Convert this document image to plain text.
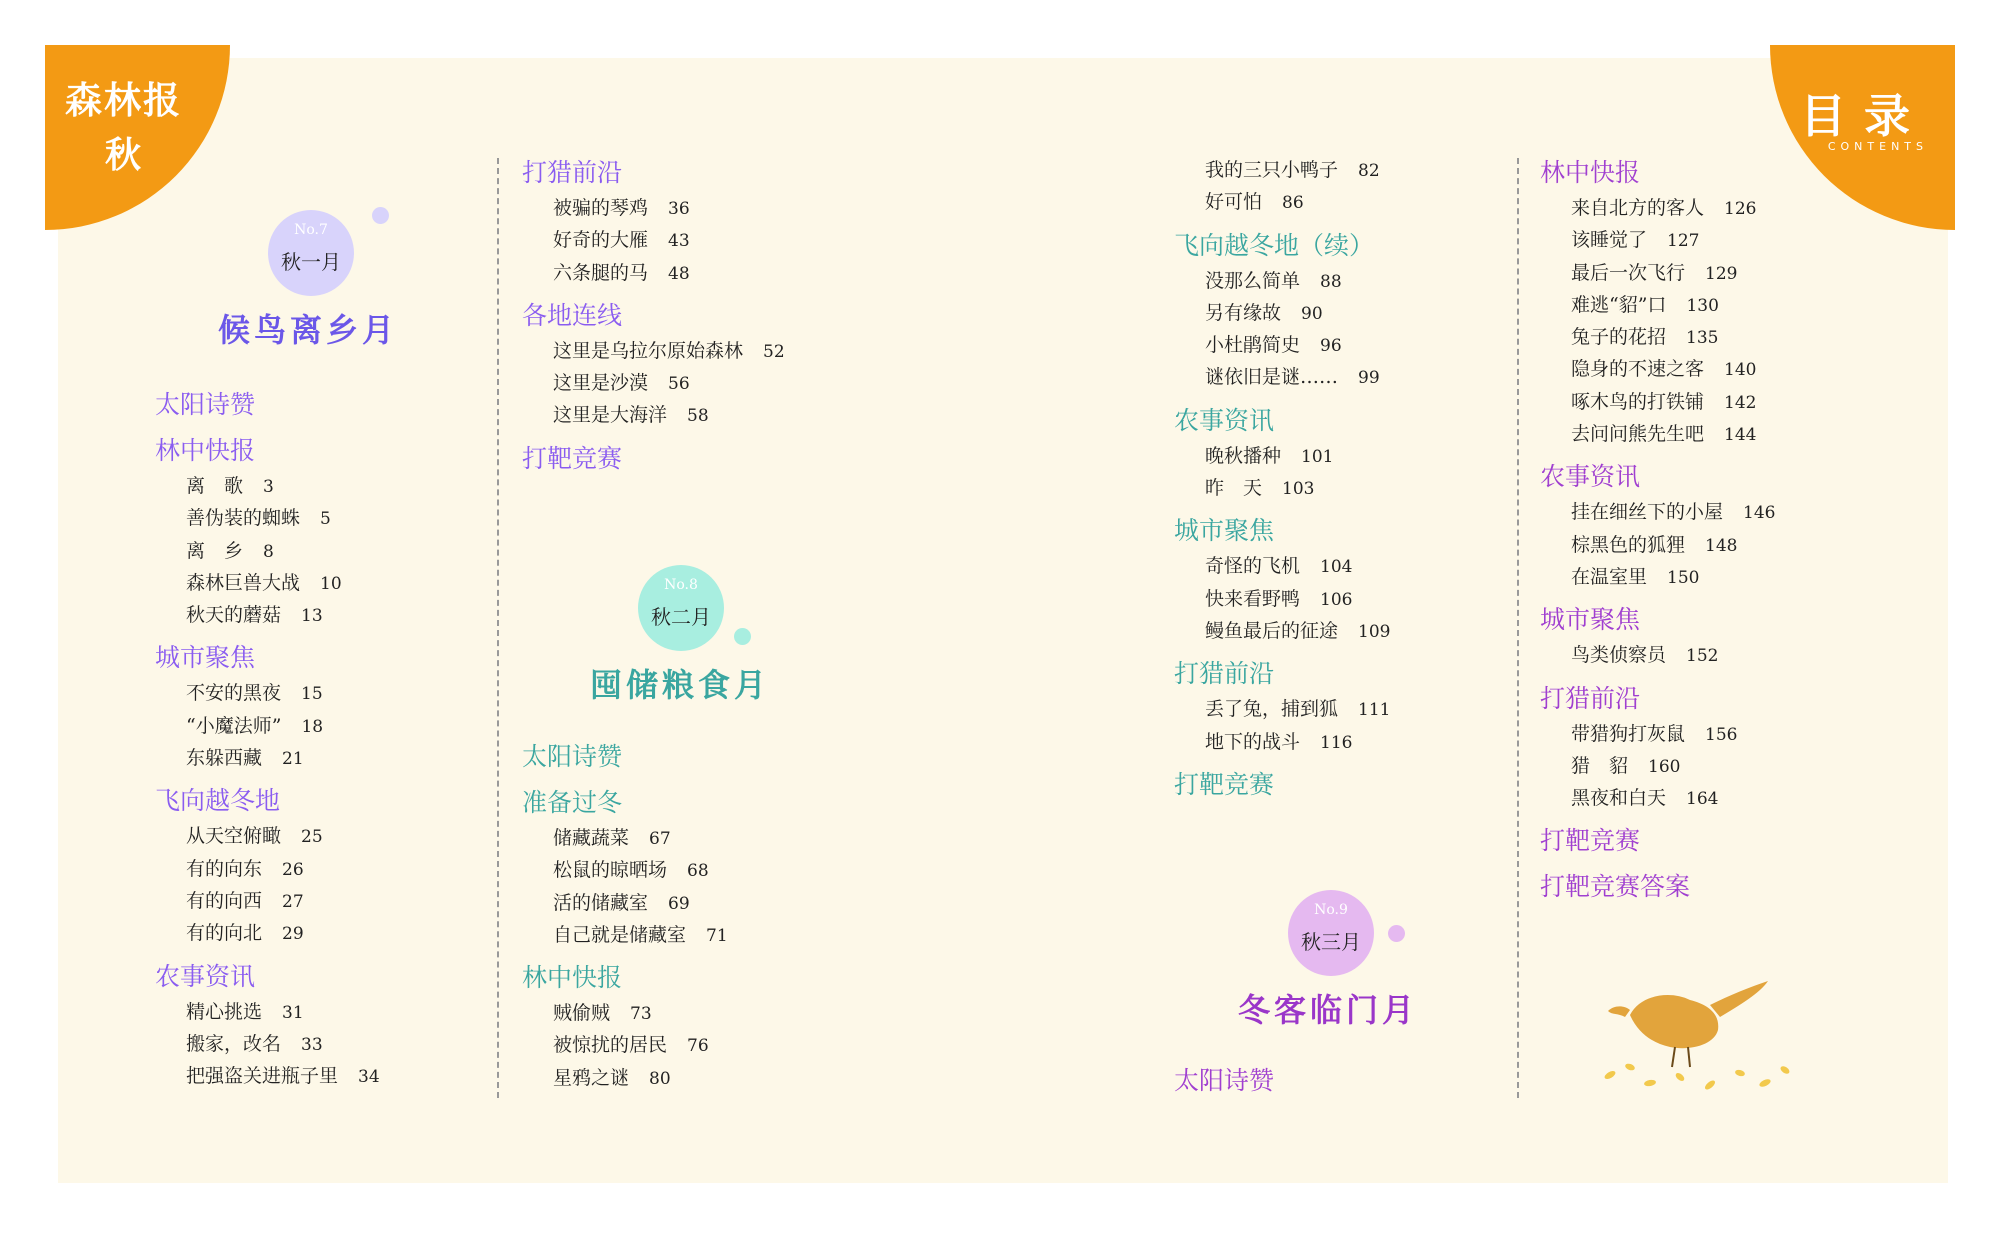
森林报
秋
目录
CONTENTS
No.7
秋一月
候鸟离乡月
No.8
秋二月
囤储粮食月
No.9
秋三月
冬客临门月
太阳诗赞
林中快报
离　歌 3
善伪装的蜘蛛 5
离　乡 8
森林巨兽大战 10
秋天的蘑菇 13
城市聚焦
不安的黑夜 15
“小魔法师” 18
东躲西藏 21
飞向越冬地
从天空俯瞰 25
有的向东 26
有的向西 27
有的向北 29
农事资讯
精心挑选 31
搬家，改名 33
把强盗关进瓶子里 34
打猎前沿
被骗的琴鸡 36
好奇的大雁 43
六条腿的马 48
各地连线
这里是乌拉尔原始森林 52
这里是沙漠 56
这里是大海洋 58
打靶竞赛
太阳诗赞
准备过冬
储藏蔬菜 67
松鼠的晾晒场 68
活的储藏室 69
自己就是储藏室 71
林中快报
贼偷贼 73
被惊扰的居民 76
星鸦之谜 80
我的三只小鸭子 82
好可怕 86
飞向越冬地（续）
没那么简单 88
另有缘故 90
小杜鹃简史 96
谜依旧是谜…… 99
农事资讯
晚秋播种 101
昨　天 103
城市聚焦
奇怪的飞机 104
快来看野鸭 106
鳗鱼最后的征途 109
打猎前沿
丢了兔，捕到狐 111
地下的战斗 116
打靶竞赛
太阳诗赞
林中快报
来自北方的客人 126
该睡觉了 127
最后一次飞行 129
难逃“貂”口 130
兔子的花招 135
隐身的不速之客 140
啄木鸟的打铁铺 142
去问问熊先生吧 144
农事资讯
挂在细丝下的小屋 146
棕黑色的狐狸 148
在温室里 150
城市聚焦
鸟类侦察员 152
打猎前沿
带猎狗打灰鼠 156
猎　貂 160
黑夜和白天 164
打靶竞赛
打靶竞赛答案
